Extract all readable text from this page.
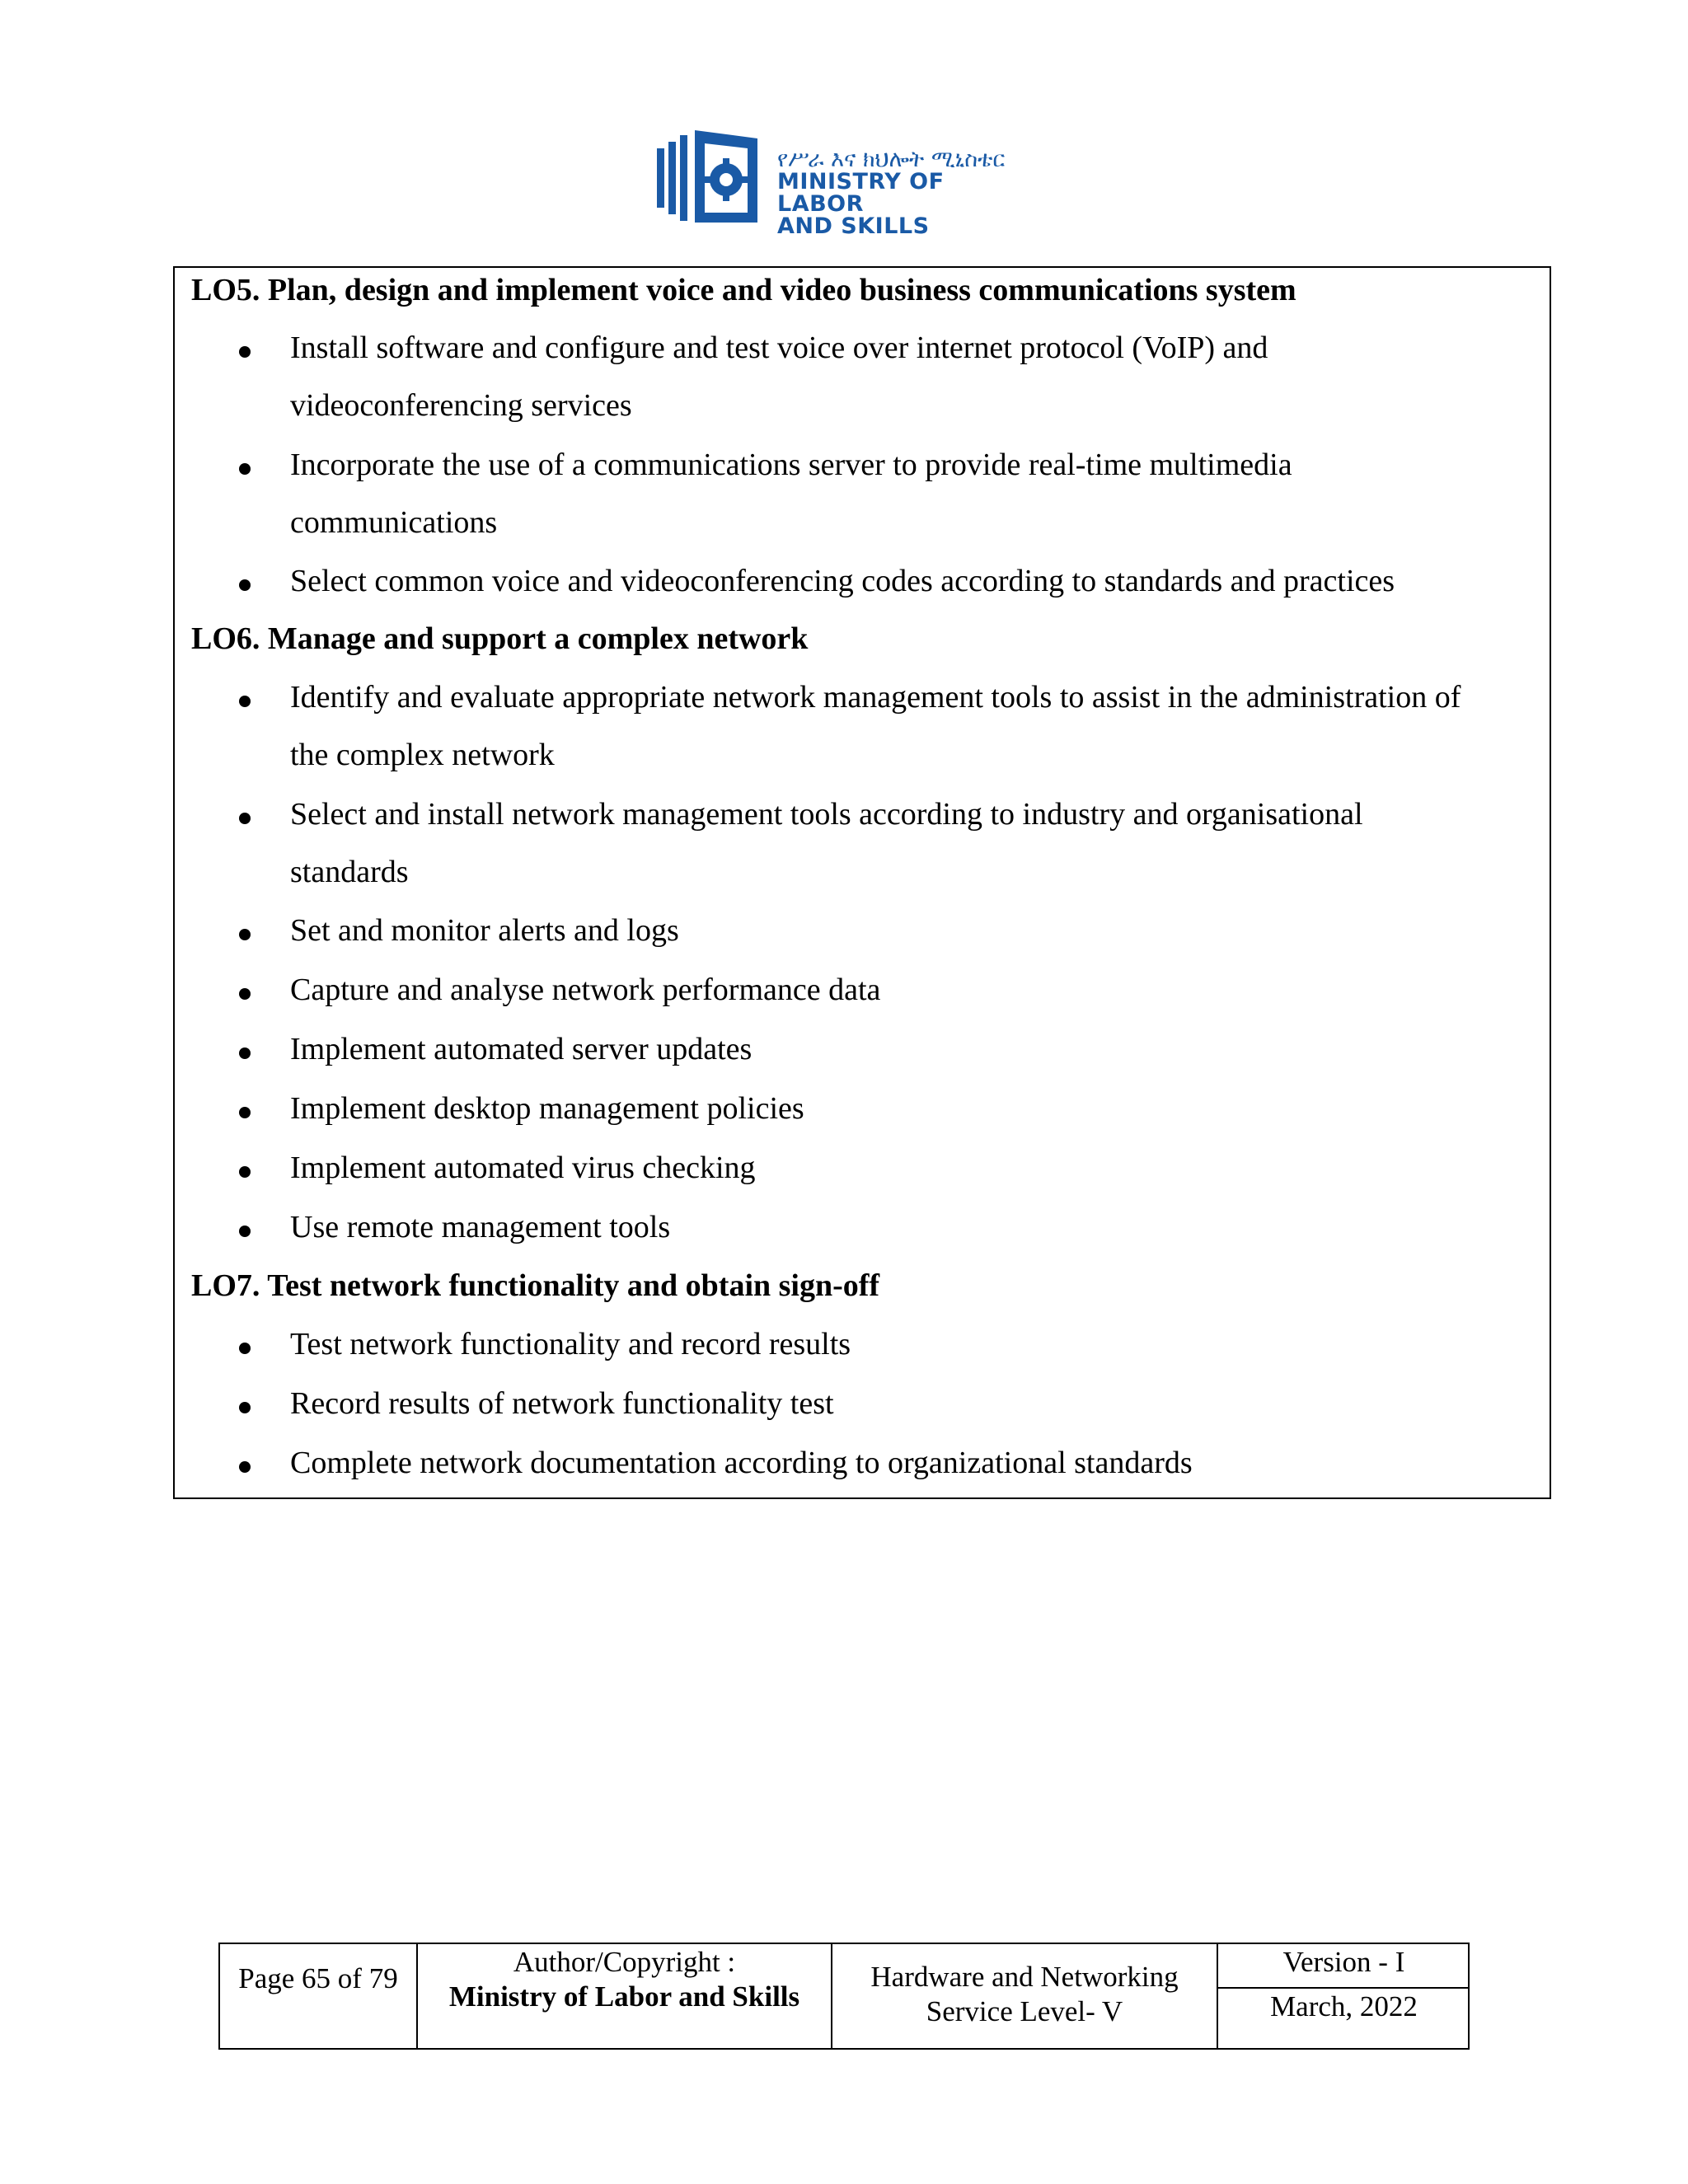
የሥራ እና ክህሎት ሚኒስቴር
MINISTRY OF LABOR
AND SKILLS
LO5. Plan, design and implement voice and video business communications system
Install software and configure and test voice over internet protocol (VoIP) and
videoconferencing services
Incorporate the use of a communications server to provide real-time multimedia
communications
Select common voice and videoconferencing codes according to standards and practices
LO6. Manage and support a complex network
Identify and evaluate appropriate network management tools to assist in the administration of
the complex network
Select and install network management tools according to industry and organisational
standards
Set and monitor alerts and logs
Capture and analyse network performance data
Implement automated server updates
Implement desktop management policies
Implement automated virus checking
Use remote management tools
LO7. Test network functionality and obtain sign-off
Test network functionality and record results
Record results of network functionality test
Complete network documentation according to organizational standards
Page 65 of 79
Author/Copyright :
Ministry of Labor and Skills
Hardware and Networking
Service Level- V
Version - I
March, 2022
